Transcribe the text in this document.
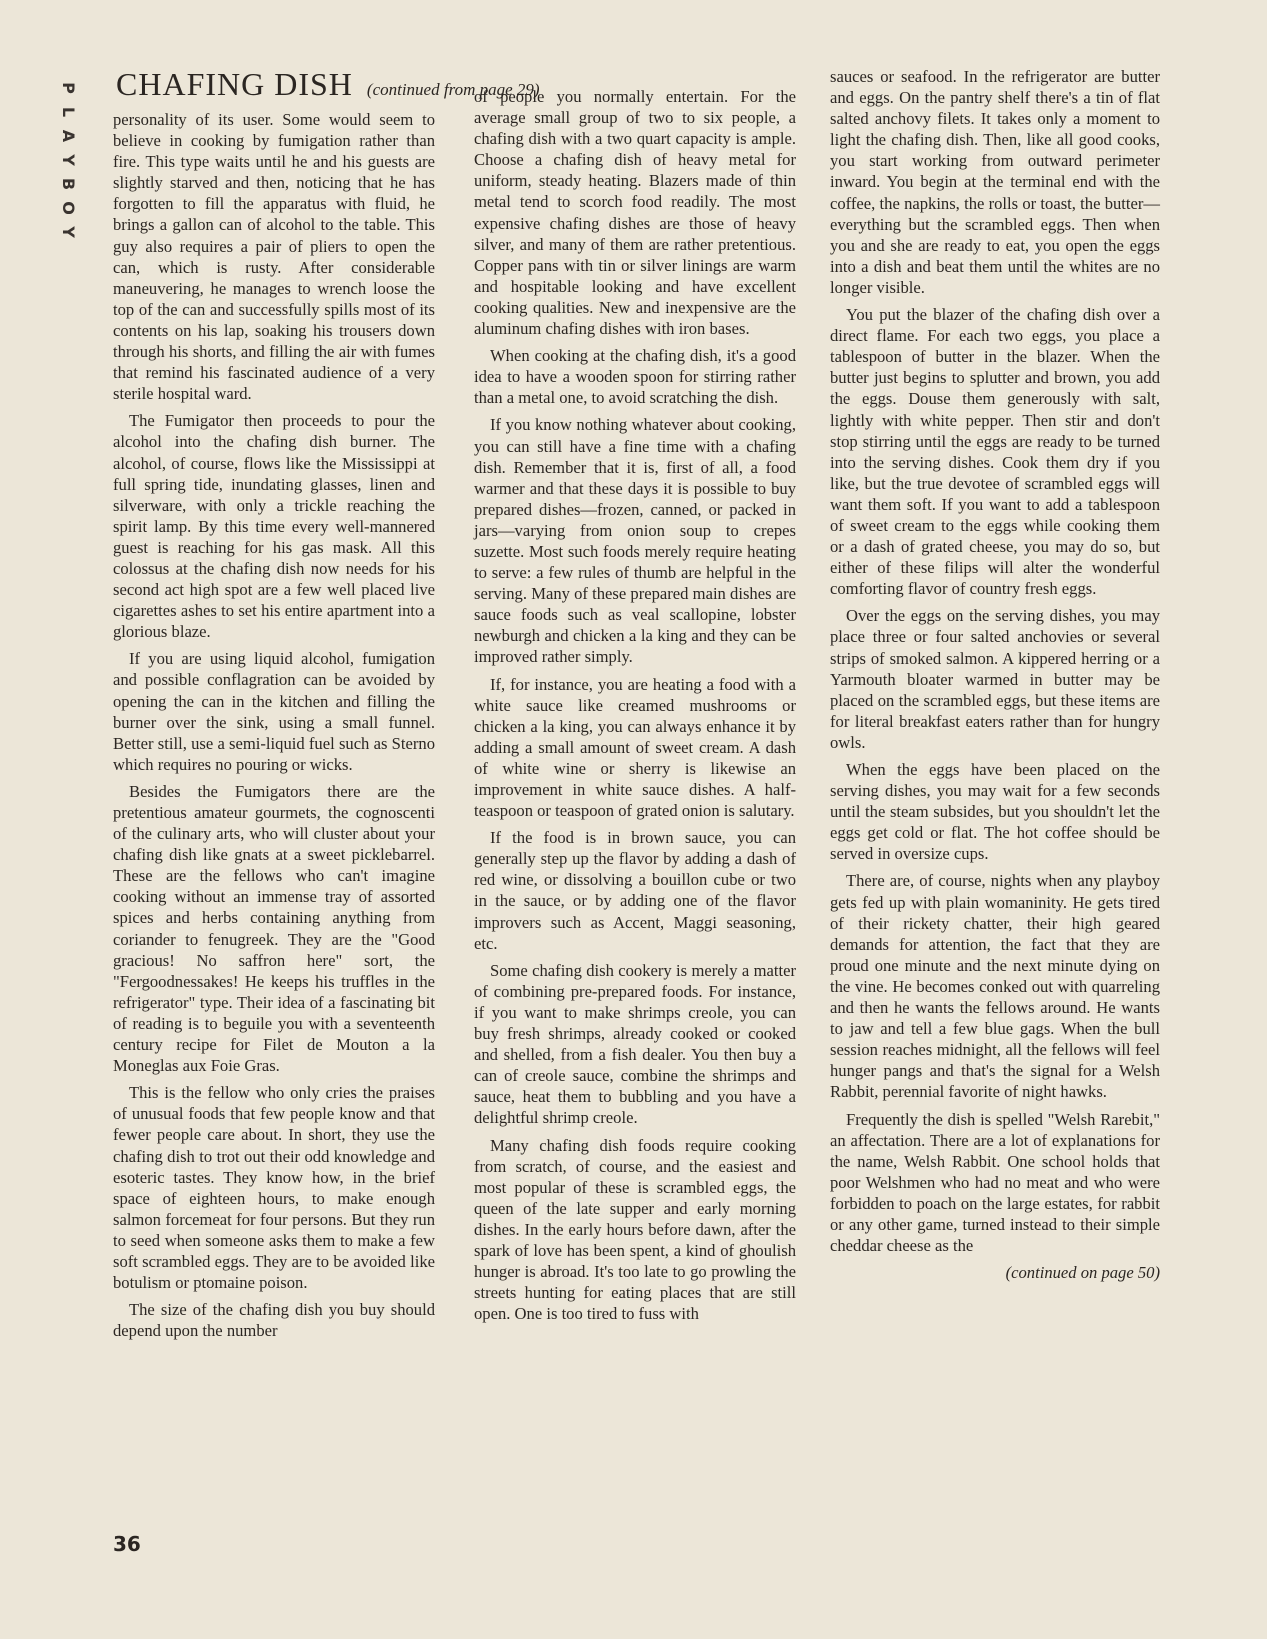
P
L
A
Y
B
O
Y
CHAFING DISH (continued from page 29)

personality of its user. Some would seem to believe in cooking by fumigation rather than fire. This type waits until he and his guests are slightly starved and then, noticing that he has forgotten to fill the apparatus with fluid, he brings a gallon can of alcohol to the table. This guy also requires a pair of pliers to open the can, which is rusty. After considerable maneuvering, he manages to wrench loose the top of the can and successfully spills most of its contents on his lap, soaking his trousers down through his shorts, and filling the air with fumes that remind his fascinated audience of a very sterile hospital ward.

The Fumigator then proceeds to pour the alcohol into the chafing dish burner. The alcohol, of course, flows like the Mississippi at full spring tide, inundating glasses, linen and silverware, with only a trickle reaching the spirit lamp. By this time every well-mannered guest is reaching for his gas mask. All this colossus at the chafing dish now needs for his second act high spot are a few well placed live cigarettes ashes to set his entire apartment into a glorious blaze.

If you are using liquid alcohol, fumigation and possible conflagration can be avoided by opening the can in the kitchen and filling the burner over the sink, using a small funnel. Better still, use a semi-liquid fuel such as Sterno which requires no pouring or wicks.

Besides the Fumigators there are the pretentious amateur gourmets, the cognoscenti of the culinary arts, who will cluster about your chafing dish like gnats at a sweet picklebarrel. These are the fellows who can't imagine cooking without an immense tray of assorted spices and herbs containing anything from coriander to fenugreek. They are the "Good gracious! No saffron here" sort, the "Fergoodnessakes! He keeps his truffles in the refrigerator" type. Their idea of a fascinating bit of reading is to beguile you with a seventeenth century recipe for Filet de Mouton a la Moneglas aux Foie Gras.

This is the fellow who only cries the praises of unusual foods that few people know and that fewer people care about. In short, they use the chafing dish to trot out their odd knowledge and esoteric tastes. They know how, in the brief space of eighteen hours, to make enough salmon forcemeat for four persons. But they run to seed when someone asks them to make a few soft scrambled eggs. They are to be avoided like botulism or ptomaine poison.

The size of the chafing dish you buy should depend upon the number

of people you normally entertain. For the average small group of two to six people, a chafing dish with a two quart capacity is ample. Choose a chafing dish of heavy metal for uniform, steady heating. Blazers made of thin metal tend to scorch food readily. The most expensive chafing dishes are those of heavy silver, and many of them are rather pretentious. Copper pans with tin or silver linings are warm and hospitable looking and have excellent cooking qualities. New and inexpensive are the aluminum chafing dishes with iron bases.

When cooking at the chafing dish, it's a good idea to have a wooden spoon for stirring rather than a metal one, to avoid scratching the dish.

If you know nothing whatever about cooking, you can still have a fine time with a chafing dish. Remember that it is, first of all, a food warmer and that these days it is possible to buy prepared dishes—frozen, canned, or packed in jars—varying from onion soup to crepes suzette. Most such foods merely require heating to serve: a few rules of thumb are helpful in the serving. Many of these prepared main dishes are sauce foods such as veal scallopine, lobster newburgh and chicken a la king and they can be improved rather simply.

If, for instance, you are heating a food with a white sauce like creamed mushrooms or chicken a la king, you can always enhance it by adding a small amount of sweet cream. A dash of white wine or sherry is likewise an improvement in white sauce dishes. A half-teaspoon or teaspoon of grated onion is salutary.

If the food is in brown sauce, you can generally step up the flavor by adding a dash of red wine, or dissolving a bouillon cube or two in the sauce, or by adding one of the flavor improvers such as Accent, Maggi seasoning, etc.

Some chafing dish cookery is merely a matter of combining pre-prepared foods. For instance, if you want to make shrimps creole, you can buy fresh shrimps, already cooked or cooked and shelled, from a fish dealer. You then buy a can of creole sauce, combine the shrimps and sauce, heat them to bubbling and you have a delightful shrimp creole.

Many chafing dish foods require cooking from scratch, of course, and the easiest and most popular of these is scrambled eggs, the queen of the late supper and early morning dishes. In the early hours before dawn, after the spark of love has been spent, a kind of ghoulish hunger is abroad. It's too late to go prowling the streets hunting for eating places that are still open. One is too tired to fuss with

sauces or seafood. In the refrigerator are butter and eggs. On the pantry shelf there's a tin of flat salted anchovy filets. It takes only a moment to light the chafing dish. Then, like all good cooks, you start working from outward perimeter inward. You begin at the terminal end with the coffee, the napkins, the rolls or toast, the butter—everything but the scrambled eggs. Then when you and she are ready to eat, you open the eggs into a dish and beat them until the whites are no longer visible.

You put the blazer of the chafing dish over a direct flame. For each two eggs, you place a tablespoon of butter in the blazer. When the butter just begins to splutter and brown, you add the eggs. Douse them generously with salt, lightly with white pepper. Then stir and don't stop stirring until the eggs are ready to be turned into the serving dishes. Cook them dry if you like, but the true devotee of scrambled eggs will want them soft. If you want to add a tablespoon of sweet cream to the eggs while cooking them or a dash of grated cheese, you may do so, but either of these filips will alter the wonderful comforting flavor of country fresh eggs.

Over the eggs on the serving dishes, you may place three or four salted anchovies or several strips of smoked salmon. A kippered herring or a Yarmouth bloater warmed in butter may be placed on the scrambled eggs, but these items are for literal breakfast eaters rather than for hungry owls.

When the eggs have been placed on the serving dishes, you may wait for a few seconds until the steam subsides, but you shouldn't let the eggs get cold or flat. The hot coffee should be served in oversize cups.

There are, of course, nights when any playboy gets fed up with plain womaninity. He gets tired of their rickety chatter, their high geared demands for attention, the fact that they are proud one minute and the next minute dying on the vine. He becomes conked out with quarreling and then he wants the fellows around. He wants to jaw and tell a few blue gags. When the bull session reaches midnight, all the fellows will feel hunger pangs and that's the signal for a Welsh Rabbit, perennial favorite of night hawks.

Frequently the dish is spelled "Welsh Rarebit," an affectation. There are a lot of explanations for the name, Welsh Rabbit. One school holds that poor Welshmen who had no meat and who were forbidden to poach on the large estates, for rabbit or any other game, turned instead to their simple cheddar cheese as the

(continued on page 50)

36
